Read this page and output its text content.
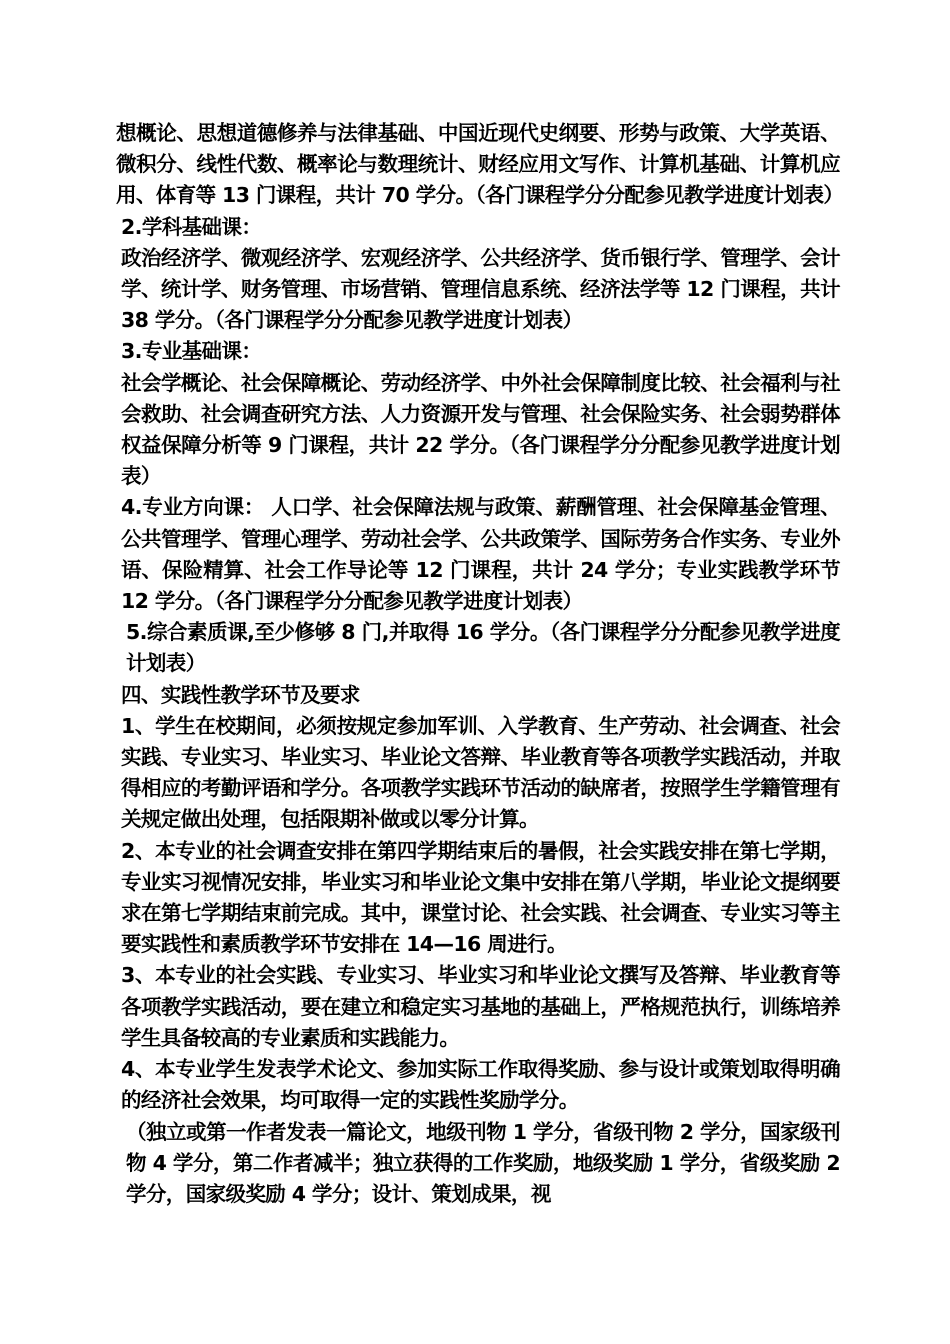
想概论、思想道德修养与法律基础、中国近现代史纲要、形势与政策、大学英语、微积分、线性代数、概率论与数理统计、财经应用文写作、计算机基础、计算机应用、体育等 13 门课程，共计 70 学分。（各门课程学分分配参见教学进度计划表）

2.学科基础课：

政治经济学、微观经济学、宏观经济学、公共经济学、货币银行学、管理学、会计学、统计学、财务管理、市场营销、管理信息系统、经济法学等 12 门课程，共计 38 学分。（各门课程学分分配参见教学进度计划表）

3.专业基础课：

社会学概论、社会保障概论、劳动经济学、中外社会保障制度比较、社会福利与社会救助、社会调查研究方法、人力资源开发与管理、社会保险实务、社会弱势群体权益保障分析等 9 门课程，共计 22 学分。（各门课程学分分配参见教学进度计划表）

4.专业方向课： 人口学、社会保障法规与政策、薪酬管理、社会保障基金管理、公共管理学、管理心理学、劳动社会学、公共政策学、国际劳务合作实务、专业外语、保险精算、社会工作导论等 12 门课程，共计 24 学分；专业实践教学环节 12 学分。（各门课程学分分配参见教学进度计划表）

5.综合素质课,至少修够 8 门,并取得 16 学分。（各门课程学分分配参见教学进度计划表）

四、实践性教学环节及要求

1、学生在校期间，必须按规定参加军训、入学教育、生产劳动、社会调查、社会实践、专业实习、毕业实习、毕业论文答辩、毕业教育等各项教学实践活动，并取得相应的考勤评语和学分。各项教学实践环节活动的缺席者，按照学生学籍管理有关规定做出处理，包括限期补做或以零分计算。

2、本专业的社会调查安排在第四学期结束后的暑假，社会实践安排在第七学期，专业实习视情况安排，毕业实习和毕业论文集中安排在第八学期，毕业论文提纲要求在第七学期结束前完成。其中，课堂讨论、社会实践、社会调查、专业实习等主要实践性和素质教学环节安排在 14—16 周进行。

3、本专业的社会实践、专业实习、毕业实习和毕业论文撰写及答辩、毕业教育等各项教学实践活动，要在建立和稳定实习基地的基础上，严格规范执行，训练培养学生具备较高的专业素质和实践能力。

4、本专业学生发表学术论文、参加实际工作取得奖励、参与设计或策划取得明确的经济社会效果，均可取得一定的实践性奖励学分。

（独立或第一作者发表一篇论文，地级刊物 1 学分，省级刊物 2 学分，国家级刊物 4 学分，第二作者减半；独立获得的工作奖励，地级奖励 1 学分，省级奖励 2 学分，国家级奖励 4 学分；设计、策划成果，视
